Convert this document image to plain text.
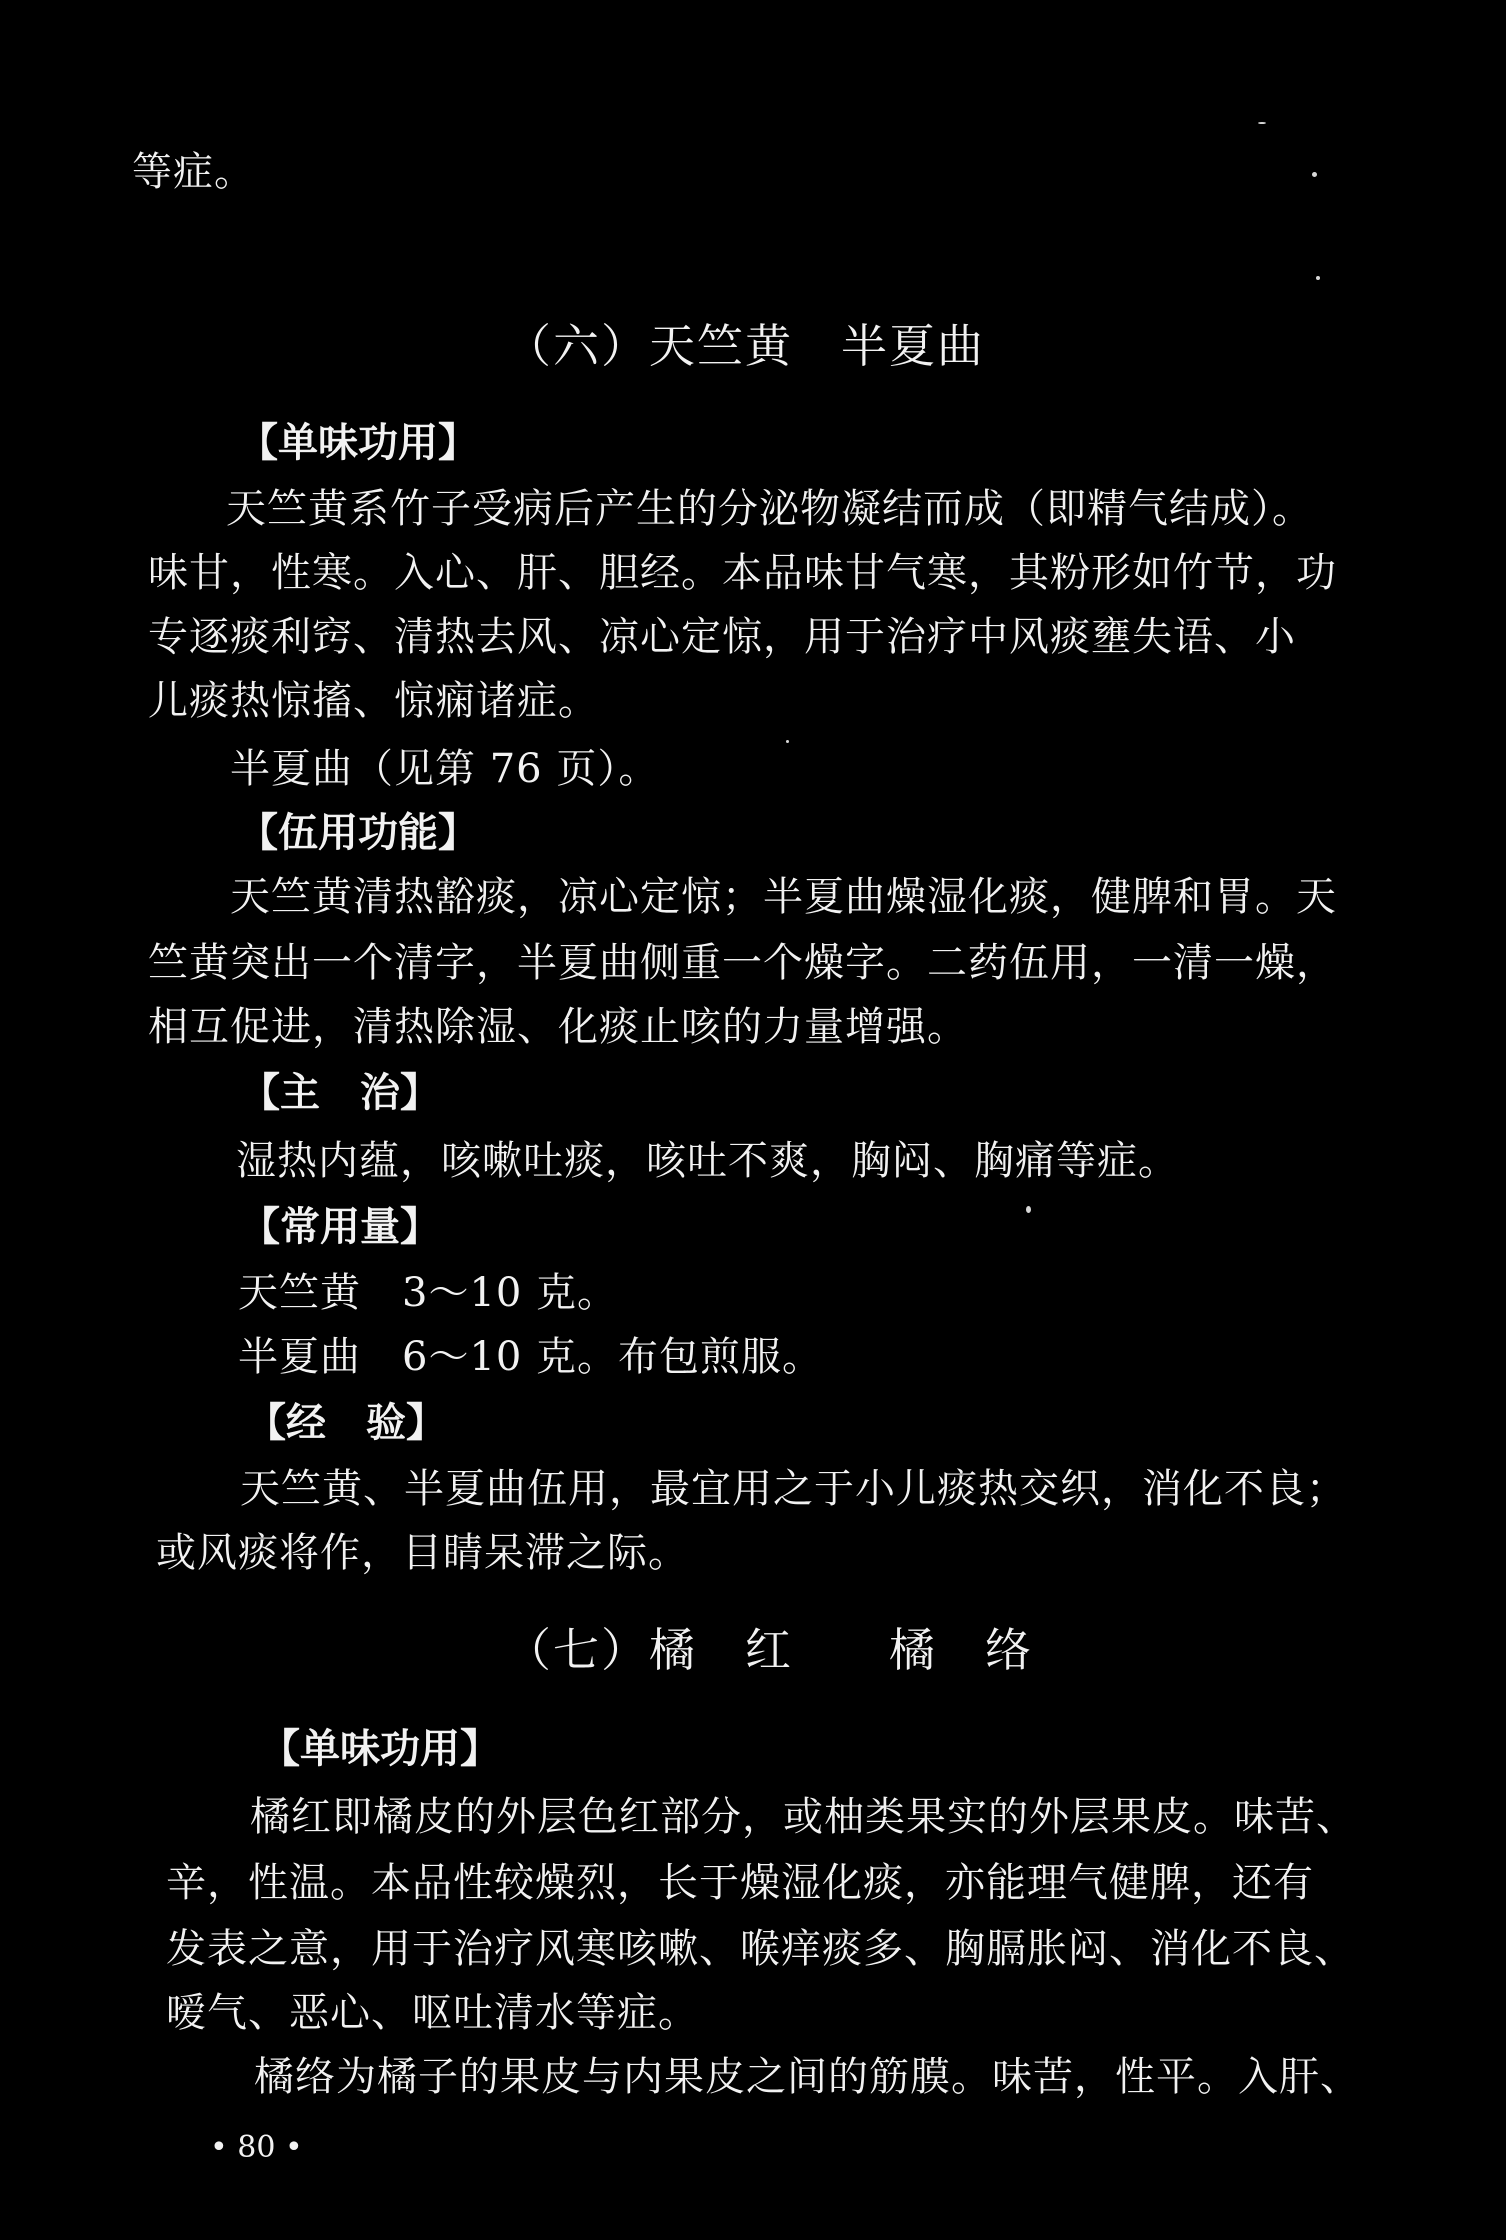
等症。
（六）天竺黄　半夏曲
【单味功用】
天竺黄系竹子受病后产生的分泌物凝结而成（即精气结成）。
味甘，性寒。入心、肝、胆经。本品味甘气寒，其粉形如竹节，功
专逐痰利窍、清热去风、凉心定惊，用于治疗中风痰壅失语、小
儿痰热惊搐、惊痫诸症。
半夏曲（见第 76 页）。
【伍用功能】
天竺黄清热豁痰，凉心定惊；半夏曲燥湿化痰，健脾和胃。天
竺黄突出一个清字，半夏曲侧重一个燥字。二药伍用，一清一燥，
相互促进，清热除湿、化痰止咳的力量增强。
【主　治】
湿热内蕴，咳嗽吐痰，咳吐不爽，胸闷、胸痛等症。
【常用量】
天竺黄　3～10 克。
半夏曲　6～10 克。布包煎服。
【经　验】
天竺黄、半夏曲伍用，最宜用之于小儿痰热交织，消化不良；
或风痰将作，目睛呆滞之际。
（七）橘　红　　橘　络
【单味功用】
橘红即橘皮的外层色红部分，或柚类果实的外层果皮。味苦、
辛，性温。本品性较燥烈，长于燥湿化痰，亦能理气健脾，还有
发表之意，用于治疗风寒咳嗽、喉痒痰多、胸膈胀闷、消化不良、
嗳气、恶心、呕吐清水等症。
橘络为橘子的果皮与内果皮之间的筋膜。味苦，性平。入肝、
• 80 •
